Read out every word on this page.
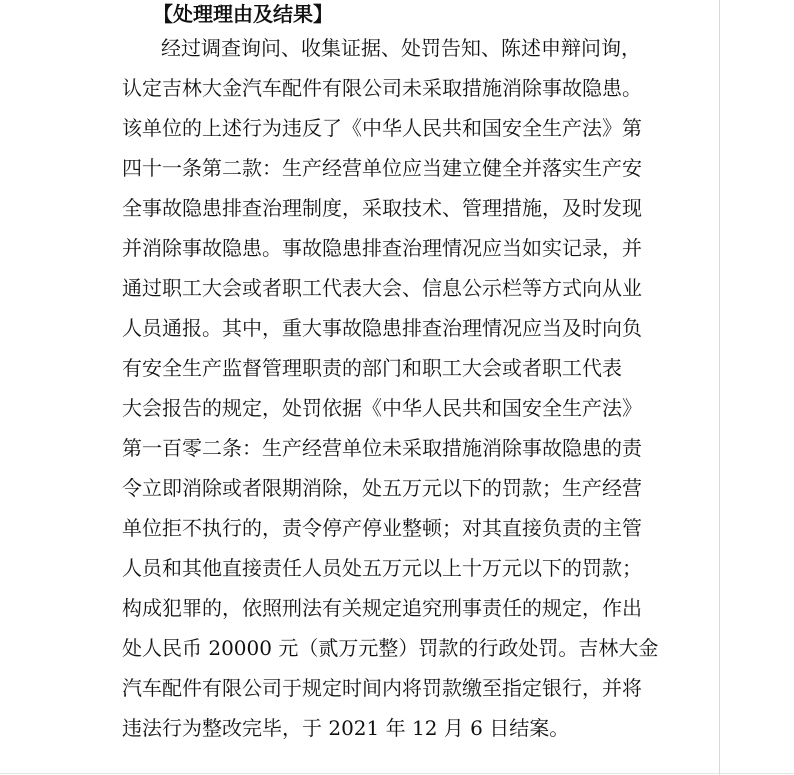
【处理理由及结果】
经过调查询问、收集证据、处罚告知、陈述申辩问询，
认定吉林大金汽车配件有限公司未采取措施消除事故隐患。
该单位的上述行为违反了《中华人民共和国安全生产法》第
四十一条第二款：生产经营单位应当建立健全并落实生产安
全事故隐患排查治理制度，采取技术、管理措施，及时发现
并消除事故隐患。事故隐患排查治理情况应当如实记录，并
通过职工大会或者职工代表大会、信息公示栏等方式向从业
人员通报。其中，重大事故隐患排查治理情况应当及时向负
有安全生产监督管理职责的部门和职工大会或者职工代表
大会报告的规定，处罚依据《中华人民共和国安全生产法》
第一百零二条：生产经营单位未采取措施消除事故隐患的责
令立即消除或者限期消除，处五万元以下的罚款；生产经营
单位拒不执行的，责令停产停业整顿；对其直接负责的主管
人员和其他直接责任人员处五万元以上十万元以下的罚款；
构成犯罪的，依照刑法有关规定追究刑事责任的规定，作出
处人民币 20000 元（贰万元整）罚款的行政处罚。吉林大金
汽车配件有限公司于规定时间内将罚款缴至指定银行，并将
违法行为整改完毕，于 2021 年 12 月 6 日结案。
